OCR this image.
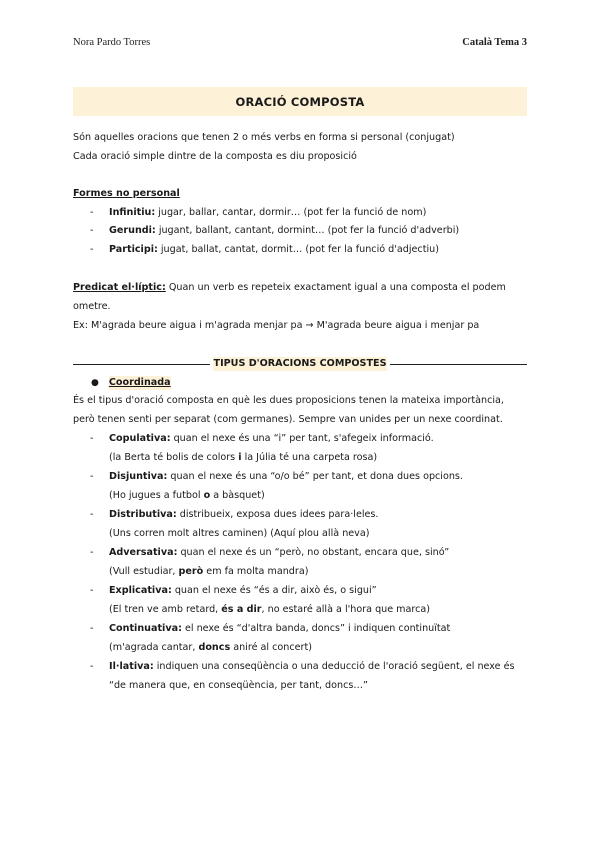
Nora Pardo Torres	Català Tema 3
ORACIÓ COMPOSTA
Són aquelles oracions que tenen 2 o més verbs en forma si personal (conjugat)
Cada oració simple dintre de la composta es diu proposició
Formes no personal
- Infinitiu: jugar, ballar, cantar, dormir… (pot fer la funció de nom)
- Gerundi: jugant, ballant, cantant, dormint… (pot fer la funció d'adverbi)
- Participi: jugat, ballat, cantat, dormit… (pot fer la funció d'adjectiu)
Predicat el·líptic: Quan un verb es repeteix exactament igual a una composta el podem
ometre.
Ex: M'agrada beure aigua i m'agrada menjar pa → M'agrada beure aigua i menjar pa
TIPUS D'ORACIONS COMPOSTES
● Coordinada
És el tipus d'oració composta en què les dues proposicions tenen la mateixa importància,
però tenen senti per separat (com germanes). Sempre van unides per un nexe coordinat.
- Copulativa: quan el nexe és una “i” per tant, s'afegeix informació.
(la Berta té bolis de colors i la Júlia té una carpeta rosa)
- Disjuntiva: quan el nexe és una “o/o bé” per tant, et dona dues opcions.
(Ho jugues a futbol o a bàsquet)
- Distributiva: distribueix, exposa dues idees para·leles.
(Uns corren molt altres caminen) (Aquí plou allà neva)
- Adversativa: quan el nexe és un “però, no obstant, encara que, sinó”
(Vull estudiar, però em fa molta mandra)
- Explicativa: quan el nexe és “és a dir, això és, o sigui”
(El tren ve amb retard, és a dir, no estaré allà a l'hora que marca)
- Continuativa: el nexe és “d'altra banda, doncs” i indiquen continuïtat
(m'agrada cantar, doncs aniré al concert)
- Il·lativa: indiquen una conseqüència o una deducció de l'oració següent, el nexe és
“de manera que, en conseqüència, per tant, doncs…”
